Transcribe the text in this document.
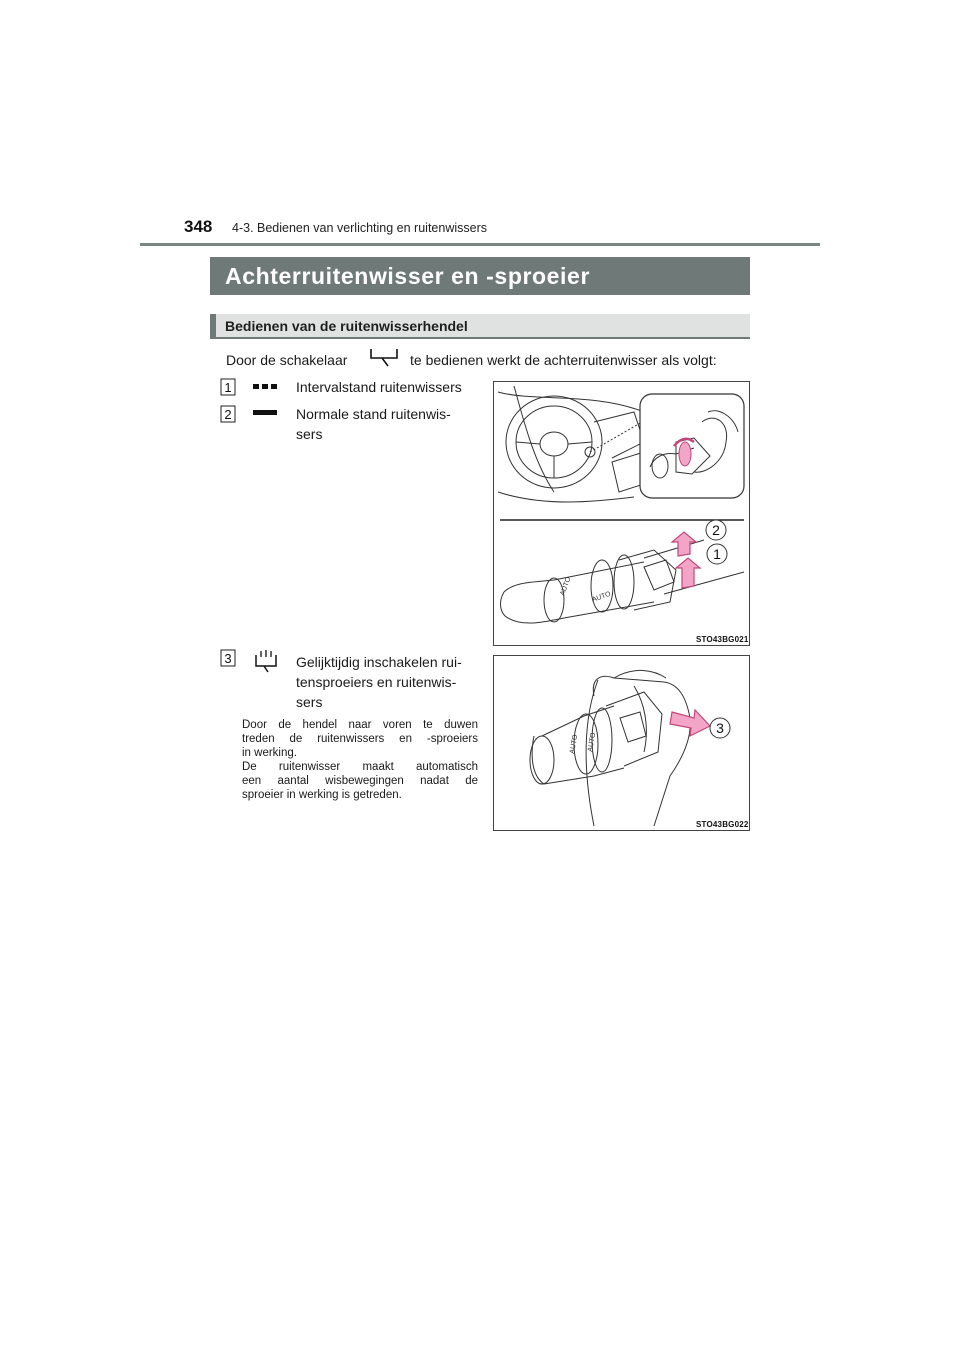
348 4-3. Bedienen van verlichting en ruitenwissers
Achterruitenwisser en -sproeier
Bedienen van de ruitenwisserhendel
Door de schakelaar	te bedienen werkt de achterruitenwisser als volgt:
1	Intervalstand ruitenwissers
2	Normale stand ruitenwis-
sers
AUTO
AUTO
2
1
STO43BG021
3	Gelijktijdig inschakelen rui-
tensproeiers en ruitenwis-
sers
Door de hendel naar voren te duwen
treden de ruitenwissers en -sproeiers
in werking.
De ruitenwisser maakt automatisch
een aantal wisbewegingen nadat de
sproeier in werking is getreden.
AUTO AUTO
3
STO43BG022
